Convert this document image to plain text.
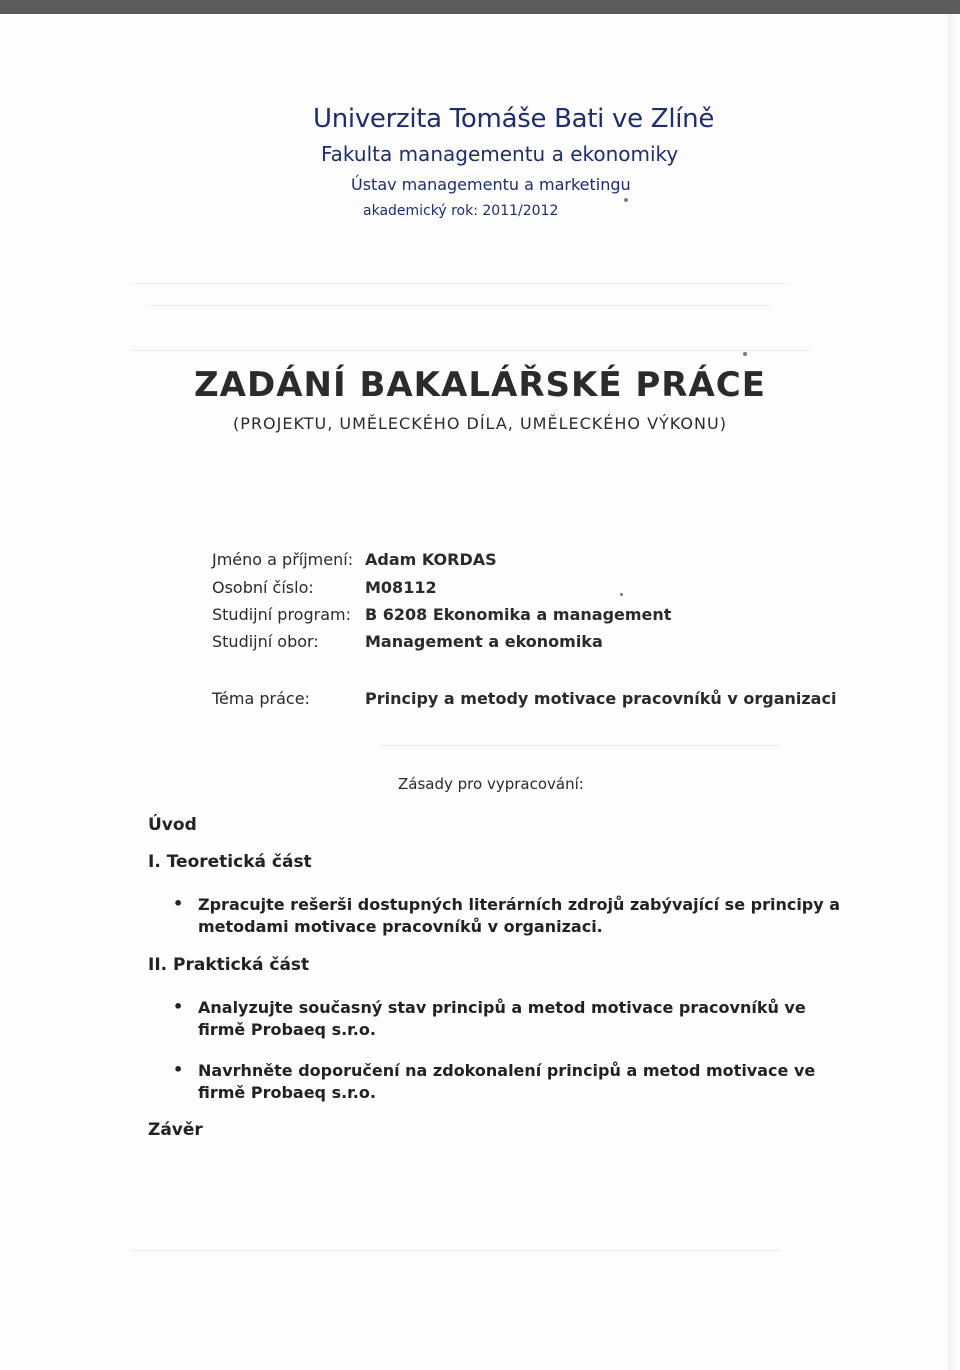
Univerzita Tomáše Bati ve Zlíně
Fakulta managementu a ekonomiky
Ústav managementu a marketingu
akademický rok: 2011/2012
ZADÁNÍ BAKALÁŘSKÉ PRÁCE
(PROJEKTU, UMĚLECKÉHO DÍLA, UMĚLECKÉHO VÝKONU)
Jméno a příjmení: Adam KORDAS
Osobní číslo:	M08112
Studijní program: B 6208 Ekonomika a management
Studijní obor:	Management a ekonomika
Téma práce:	Principy a metody motivace pracovníků v organizaci
Zásady pro vypracování:
Úvod
I. Teoretická část
• Zpracujte rešerši dostupných literárních zdrojů zabývající se principy a metodami motivace pracovníků v organizaci.
II. Praktická část
• Analyzujte současný stav principů a metod motivace pracovníků ve firmě Probaeq s.r.o.
• Navrhněte doporučení na zdokonalení principů a metod motivace ve firmě Probaeq s.r.o.
Závěr
